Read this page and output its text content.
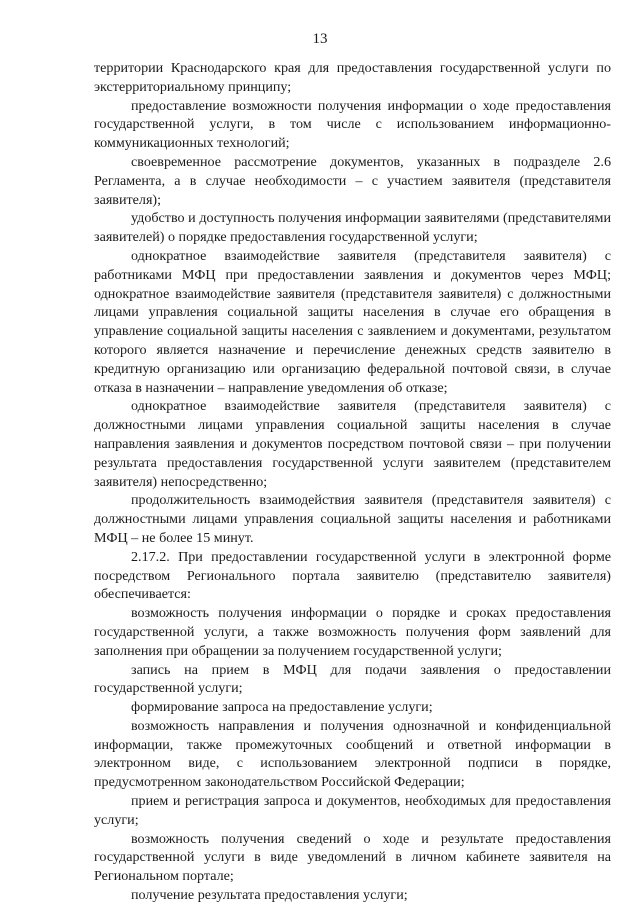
13

территории Краснодарского края для предоставления государственной услуги по экстерриториальному принципу;

предоставление возможности получения информации о ходе предоставления государственной услуги, в том числе с использованием информационно-коммуникационных технологий;

своевременное рассмотрение документов, указанных в подразделе 2.6 Регламента, а в случае необходимости – с участием заявителя (представителя заявителя);

удобство и доступность получения информации заявителями (представителями заявителей) о порядке предоставления государственной услуги;

однократное взаимодействие заявителя (представителя заявителя) с работниками МФЦ при предоставлении заявления и документов через МФЦ; однократное взаимодействие заявителя (представителя заявителя) с должностными лицами управления социальной защиты населения в случае его обращения в управление социальной защиты населения с заявлением и документами, результатом которого является назначение и перечисление денежных средств заявителю в кредитную организацию или организацию федеральной почтовой связи, в случае отказа в назначении – направление уведомления об отказе;

однократное взаимодействие заявителя (представителя заявителя) с должностными лицами управления социальной защиты населения в случае направления заявления и документов посредством почтовой связи – при получении результата предоставления государственной услуги заявителем (представителем заявителя) непосредственно;

продолжительность взаимодействия заявителя (представителя заявителя) с должностными лицами управления социальной защиты населения и работниками МФЦ – не более 15 минут.

2.17.2. При предоставлении государственной услуги в электронной форме посредством Регионального портала заявителю (представителю заявителя) обеспечивается:

возможность получения информации о порядке и сроках предоставления государственной услуги, а также возможность получения форм заявлений для заполнения при обращении за получением государственной услуги;

запись на прием в МФЦ для подачи заявления о предоставлении государственной услуги;

формирование запроса на предоставление услуги;

возможность направления и получения однозначной и конфиденциальной информации, также промежуточных сообщений и ответной информации в электронном виде, с использованием электронной подписи в порядке, предусмотренном законодательством Российской Федерации;

прием и регистрация запроса и документов, необходимых для предоставления услуги;

возможность получения сведений о ходе и результате предоставления государственной услуги в виде уведомлений в личном кабинете заявителя на Региональном портале;

получение результата предоставления услуги;
